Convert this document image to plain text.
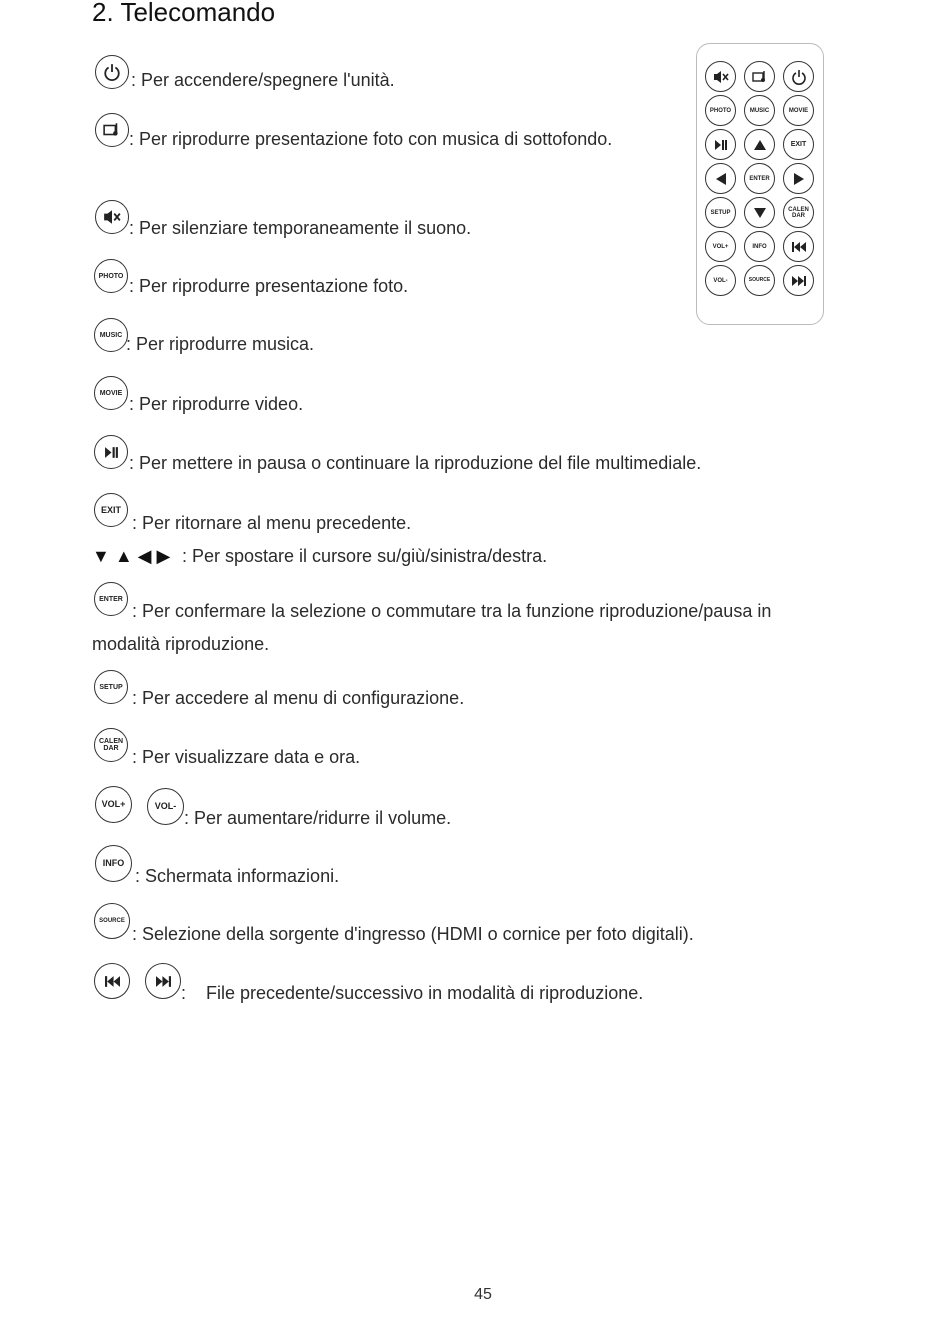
2. Telecomando
PHOTO	MUSIC	MOVIE
EXIT
ENTER
SETUP	CALEN
DAR
VOL+	INFO
VOL-	SOURCE
: Per accendere/spegnere l'unità.
: Per riprodurre presentazione foto con musica di sottofondo.
: Per silenziare temporaneamente il suono.
PHOTO : Per riprodurre presentazione foto.
MUSIC : Per riprodurre musica.
MOVIE
: Per riprodurre video.
: Per mettere in pausa o continuare la riproduzione del file multimediale.
EXIT
: Per ritornare al menu precedente.
▼ ▲ ◀ ▶ : Per spostare il cursore su/giù/sinistra/destra.
ENTER
: Per confermare la selezione o commutare tra la funzione riproduzione/pausa in
modalità riproduzione.
SETUP
: Per accedere al menu di configurazione.
CALEN
DAR : Per visualizzare data e ora.
VOL+	VOL-
: Per aumentare/ridurre il volume.
INFO
: Schermata informazioni.
SOURCE
: Selezione della sorgente d'ingresso (HDMI o cornice per foto digitali).
: File precedente/successivo in modalità di riproduzione.
45
